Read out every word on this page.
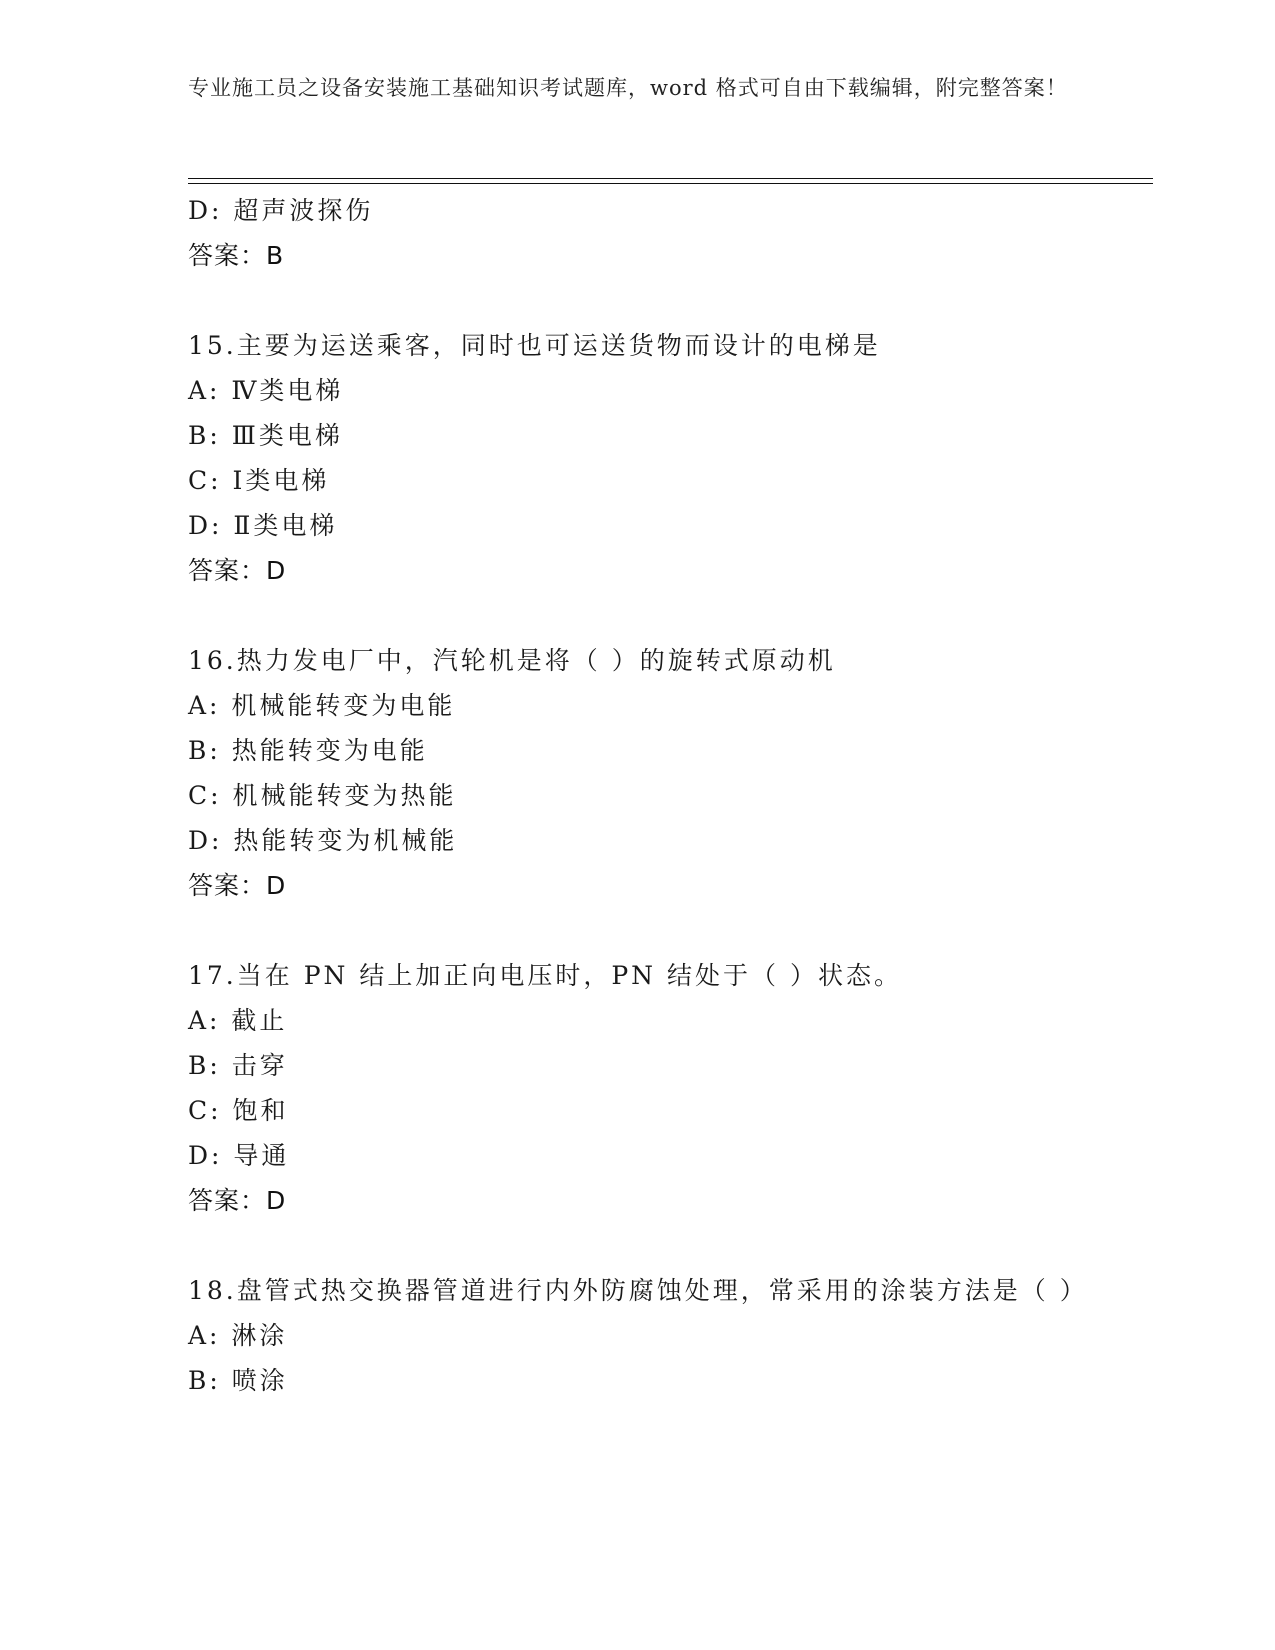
专业施工员之设备安装施工基础知识考试题库，word 格式可自由下载编辑，附完整答案！
D: 超声波探伤
答案：B
15.主要为运送乘客，同时也可运送货物而设计的电梯是
A: Ⅳ类电梯
B: Ⅲ类电梯
C: Ⅰ类电梯
D: Ⅱ类电梯
答案：D
16.热力发电厂中，汽轮机是将（ ）的旋转式原动机
A: 机械能转变为电能
B: 热能转变为电能
C: 机械能转变为热能
D: 热能转变为机械能
答案：D
17.当在 PN 结上加正向电压时，PN 结处于（ ）状态。
A: 截止
B: 击穿
C: 饱和
D: 导通
答案：D
18.盘管式热交换器管道进行内外防腐蚀处理，常采用的涂装方法是（ ）
A: 淋涂
B: 喷涂
